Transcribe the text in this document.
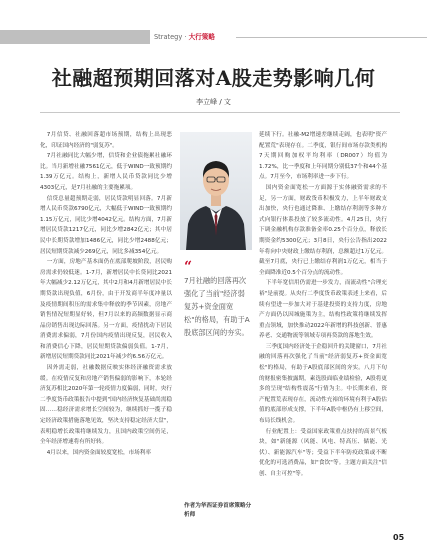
Strategy · 大行策略
社融超预期回落对A股走势影响几何
李立峰 / 文

7月信贷、社融回落超市场预期，结构上出现恶化，印证国内经济的"弱复苏"。

7月社融同比大幅少增，信贷和企业债拖累社融环比。当月新增社融7561亿元，低于WIND一致预期约1.39万亿元。结构上，新增人民币贷款同比少增4303亿元，是7月社融的主要拖累项。

信贷总量超预期走弱，居民贷款明显回落。7月新增人民币贷款6790亿元，大幅低于WIND一致预期约1.15万亿元，同比少增4042亿元。结构方面，7月新增居民贷款1217亿元，同比少增2842亿元；其中居民中长期贷款增加1486亿元，同比少增2488亿元；居民短期贷款减少269亿元，同比多减354亿元。

一方面，房地产基本面仍在底部爬坡阶段，居民购房需求仍较低迷。1-7月，新增居民中长贷同比2021年大幅减少2.12万亿元，其中2月和4月新增居民中长期贷款出现负值，6月份，由于开发商半年度冲量以及疫情期间积压的需求集中释放的季节因素，房地产销售情况短期显好转，但7月以来的高频数据显示商品房销售出现边际回落。另一方面，疫情扰动下居民消费需求偏弱，7月份国内疫情出现反复，居民收入和消费信心下降，居民短期贷款偏弱负值。1-7月，新增居民短期贷款同比2021年减少约6.56万亿元。

因外需走弱，社融数据反映实体经济融资需求放缓。在疫情反复和房地产销售偏弱的影响下，本轮经济复苏相比2020年第一轮疫情力度偏弱，同时，央行二季度货币政策报告中提到"国内经济恢复基础尚需稳固……稳经济需求增长空间较为，继续抓好一揽子稳定经济政策措施落地见效，坚决支持稳定经济大盘"，表明稳增长政策将继续发力，且国内政策空间仍足，全年经济增速将有所好转。

4月以来，国内资金面较度宽松，市场利率

“
7月社融的回落再次强化了当前"经济弱复苏+资金面宽松"的格局，有助于A股底部区间的夯实。
作者为华西证券首席策略分析师

延续下行。社融-M2增速差继续走阔，也表明"资产配置荒"表现存在。二季度，银行间市场存款类机构7天期回购加权平均利率（DR007）均值为1.72%，比一季度和上年同期分别低37个和44个基点。7月至今，市场利率进一步下行。

国内资金面宽松一方面源于实体融资需求的不足，另一方面，财政货币积极发力，上半年财政支出加快，央行也通过降准、上缴结存利润等多种方式向银行体系投放了较多流动性。4月25日，央行下调金融机构存款准备金率0.25个百分点，释放长期资金约5300亿元；3月8日，央行公告指出2022年将向中央财政上缴结存利润，总额超过1万亿元。截至7月底，央行已上缴结存利润1万亿元，相当于全面降准近0.5个百分点的流动性。

下半年宽信用仍需进一步发力，而流动性"合理充裕"是前提。从央行二季度货币政策表述上来看，后续有望进一步加大对于基建投资的支持力度，房地产方面仍以因城施策为主，结构性政策将继续发挥重点领域，加快推动2022年新增的科技创新、普惠养老、交通物流等领域专项再贷款的落地生效。

三季度国内经济处于企稳回升的关键窗口，7月社融的回落再次强化了当前"经济弱复苏+资金面宽松"的格局，有助于A股底部区间的夯实。八月下旬的财报密集披露期，素选股面临业绩检验，A股将更多的呈现"结构性震荡"行情为主。中长期来看，资产配置荒表现存在，流动性充裕的环境有利于A股估值的底部形成支撑，下半年A股中枢仍有上移空间，布局长线机会。

行业配置上：受益国家政策重点扶持的高景气板块，如"新能源（风能、风电、特高压、储能、光伏）、新能源汽车"等；受益下半年防疫政策或不断优化的可选消费品，如"食饮"等。主题方面关注"信创、自主可控"等。

05
